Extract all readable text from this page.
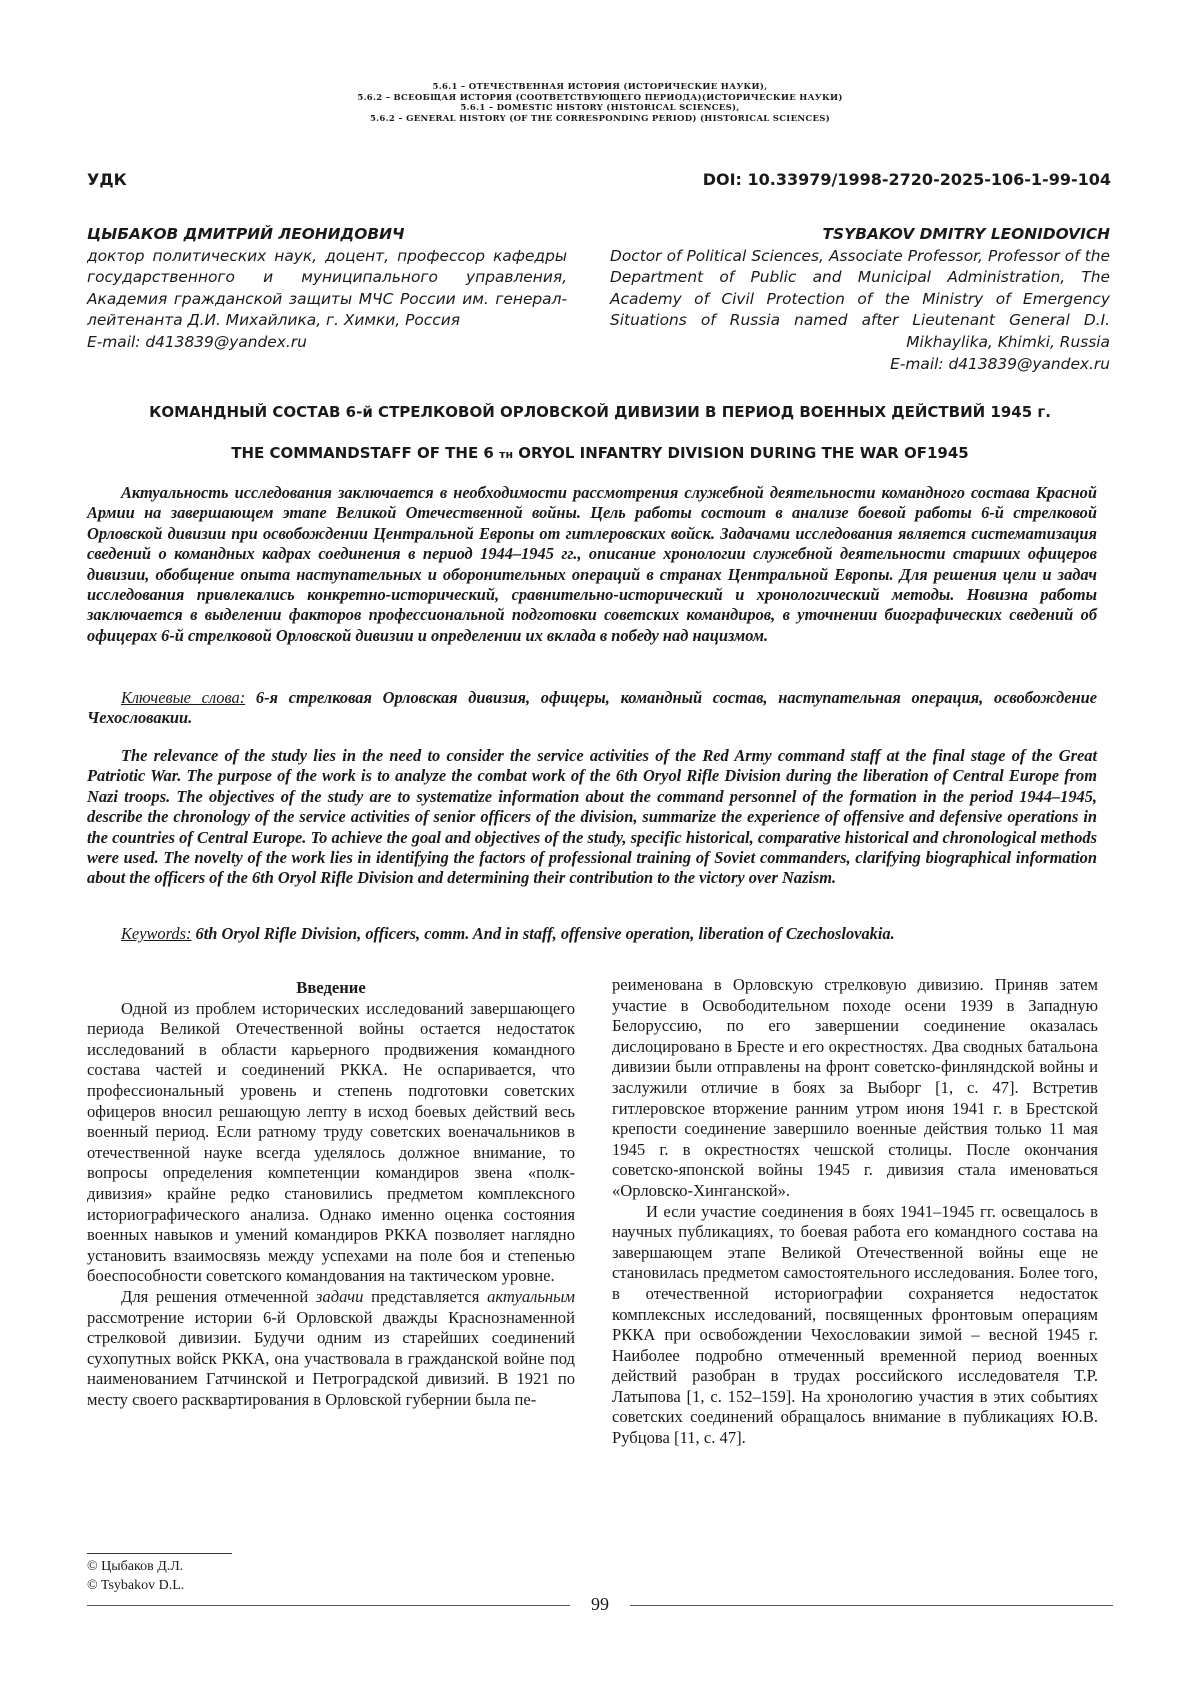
5.6.1 – ОТЕЧЕСТВЕННАЯ ИСТОРИЯ (ИСТОРИЧЕСКИЕ НАУКИ),
5.6.2 – ВСЕОБЩАЯ ИСТОРИЯ (СООТВЕТСТВУЮЩЕГО ПЕРИОДА)(ИСТОРИЧЕСКИЕ НАУКИ)
5.6.1 – DOMESTIC HISTORY (HISTORICAL SCIENCES),
5.6.2 – GENERAL HISTORY (OF THE CORRESPONDING PERIOD) (HISTORICAL SCIENCES)
УДК	DOI: 10.33979/1998-2720-2025-106-1-99-104
ЦЫБАКОВ ДМИТРИЙ ЛЕОНИДОВИЧ
доктор политических наук, доцент, профессор кафедры государственного и муниципального управления, Академия гражданской защиты МЧС России им. генерал-лейтенанта Д.И. Михайлика, г. Химки, Россия
E-mail: d413839@yandex.ru
TSYBAKOV DMITRY LEONIDOVICH
Doctor of Political Sciences, Associate Professor, Professor of the Department of Public and Municipal Administration, The Academy of Civil Protection of the Ministry of Emergency Situations of Russia named after Lieutenant General D.I.
Mikhaylika, Khimki, Russia
E-mail: d413839@yandex.ru
КОМАНДНЫЙ СОСТАВ 6-й СТРЕЛКОВОЙ ОРЛОВСКОЙ ДИВИЗИИ В ПЕРИОД ВОЕННЫХ ДЕЙСТВИЙ 1945 г.
THE COMMANDSTAFF OF THE 6 тн ORYOL INFANTRY DIVISION DURING THE WAR OF1945

Актуальность исследования заключается в необходимости рассмотрения служебной деятельности командного состава Красной Армии на завершающем этапе Великой Отечественной войны. Цель работы состоит в анализе боевой работы 6-й стрелковой Орловской дивизии при освобождении Центральной Европы от гитлеровских войск. Задачами исследования является систематизация сведений о командных кадрах соединения в период 1944–1945 гг., описание хронологии служебной деятельности старших офицеров дивизии, обобщение опыта наступательных и оборонительных операций в странах Центральной Европы. Для решения цели и задач исследования привлекались конкретно-исторический, сравнительно-исторический и хронологический методы. Новизна работы заключается в выделении факторов профессиональной подготовки советских командиров, в уточнении биографических сведений об офицерах 6-й стрелковой Орловской дивизии и определении их вклада в победу над нацизмом.

Ключевые слова: 6-я стрелковая Орловская дивизия, офицеры, командный состав, наступательная операция, освобождение Чехословакии.

The relevance of the study lies in the need to consider the service activities of the Red Army command staff at the final stage of the Great Patriotic War. The purpose of the work is to analyze the combat work of the 6th Oryol Rifle Division during the liberation of Central Europe from Nazi troops. The objectives of the study are to systematize information about the command personnel of the formation in the period 1944–1945, describe the chronology of the service activities of senior officers of the division, summarize the experience of offensive and defensive operations in the countries of Central Europe. To achieve the goal and objectives of the study, specific historical, comparative historical and chronological methods were used. The novelty of the work lies in identifying the factors of professional training of Soviet commanders, clarifying biographical information about the officers of the 6th Oryol Rifle Division and determining their contribution to the victory over Nazism.

Keywords: 6th Oryol Rifle Division, officers, comm. And in staff, offensive operation, liberation of Czechoslovakia.

Введение

Одной из проблем исторических исследований завершающего периода Великой Отечественной войны остается недостаток исследований в области карьерного продвижения командного состава частей и соединений РККА. Не оспаривается, что профессиональный уровень и степень подготовки советских офицеров вносил решающую лепту в исход боевых действий весь военный период. Если ратному труду советских военачальников в отечественной науке всегда уделялось должное внимание, то вопросы определения компетенции командиров звена «полк-дивизия» крайне редко становились предметом комплексного историографического анализа. Однако именно оценка состояния военных навыков и умений командиров РККА позволяет наглядно установить взаимосвязь между успехами на поле боя и степенью боеспособности советского командования на тактическом уровне.

Для решения отмеченной задачи представляется актуальным рассмотрение истории 6-й Орловской дважды Краснознаменной стрелковой дивизии. Будучи одним из старейших соединений сухопутных войск РККА, она участвовала в гражданской войне под наименованием Гатчинской и Петроградской дивизий. В 1921 по месту своего расквартирования в Орловской губернии была пе-

реименована в Орловскую стрелковую дивизию. Приняв затем участие в Освободительном походе осени 1939 в Западную Белоруссию, по его завершении соединение оказалась дислоцировано в Бресте и его окрестностях. Два сводных батальона дивизии были отправлены на фронт советско-финляндской войны и заслужили отличие в боях за Выборг [1, с. 47]. Встретив гитлеровское вторжение ранним утром июня 1941 г. в Брестской крепости соединение завершило военные действия только 11 мая 1945 г. в окрестностях чешской столицы. После окончания советско-японской войны 1945 г. дивизия стала именоваться «Орловско-Хинганской».

И если участие соединения в боях 1941–1945 гг. освещалось в научных публикациях, то боевая работа его командного состава на завершающем этапе Великой Отечественной войны еще не становилась предметом самостоятельного исследования. Более того, в отечественной историографии сохраняется недостаток комплексных исследований, посвященных фронтовым операциям РККА при освобождении Чехословакии зимой – весной 1945 г. Наиболее подробно отмеченный временной период военных действий разобран в трудах российского исследователя Т.Р. Латыпова [1, с. 152–159]. На хронологию участия в этих событиях советских соединений обращалось внимание в публикациях Ю.В. Рубцова [11, с. 47].

© Цыбаков Д.Л.
© Tsybakov D.L.
99
